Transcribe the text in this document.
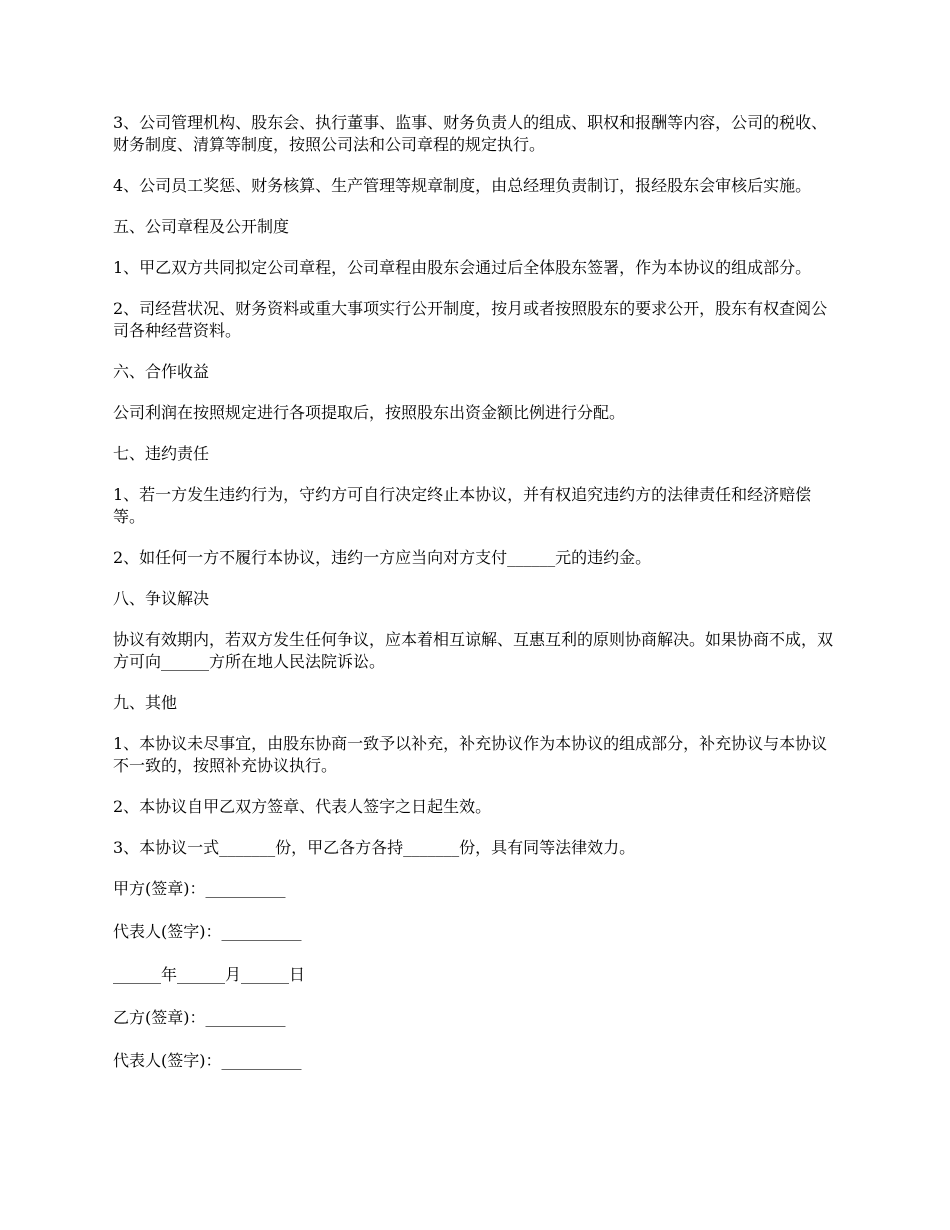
3、公司管理机构、股东会、执行董事、监事、财务负责人的组成、职权和报酬等内容，公司的税收、财务制度、清算等制度，按照公司法和公司章程的规定执行。

4、公司员工奖惩、财务核算、生产管理等规章制度，由总经理负责制订，报经股东会审核后实施。

五、公司章程及公开制度

1、甲乙双方共同拟定公司章程，公司章程由股东会通过后全体股东签署，作为本协议的组成部分。

2、司经营状况、财务资料或重大事项实行公开制度，按月或者按照股东的要求公开，股东有权查阅公司各种经营资料。

六、合作收益

公司利润在按照规定进行各项提取后，按照股东出资金额比例进行分配。

七、违约责任

1、若一方发生违约行为，守约方可自行决定终止本协议，并有权追究违约方的法律责任和经济赔偿等。

2、如任何一方不履行本协议，违约一方应当向对方支付______元的违约金。

八、争议解决

协议有效期内，若双方发生任何争议，应本着相互谅解、互惠互利的原则协商解决。如果协商不成，双方可向______方所在地人民法院诉讼。

九、其他

1、本协议未尽事宜，由股东协商一致予以补充，补充协议作为本协议的组成部分，补充协议与本协议不一致的，按照补充协议执行。

2、本协议自甲乙双方签章、代表人签字之日起生效。

3、本协议一式_______份，甲乙各方各持_______份，具有同等法律效力。

甲方(签章)：__________

代表人(签字)：__________

______年______月______日

乙方(签章)：__________

代表人(签字)：__________
